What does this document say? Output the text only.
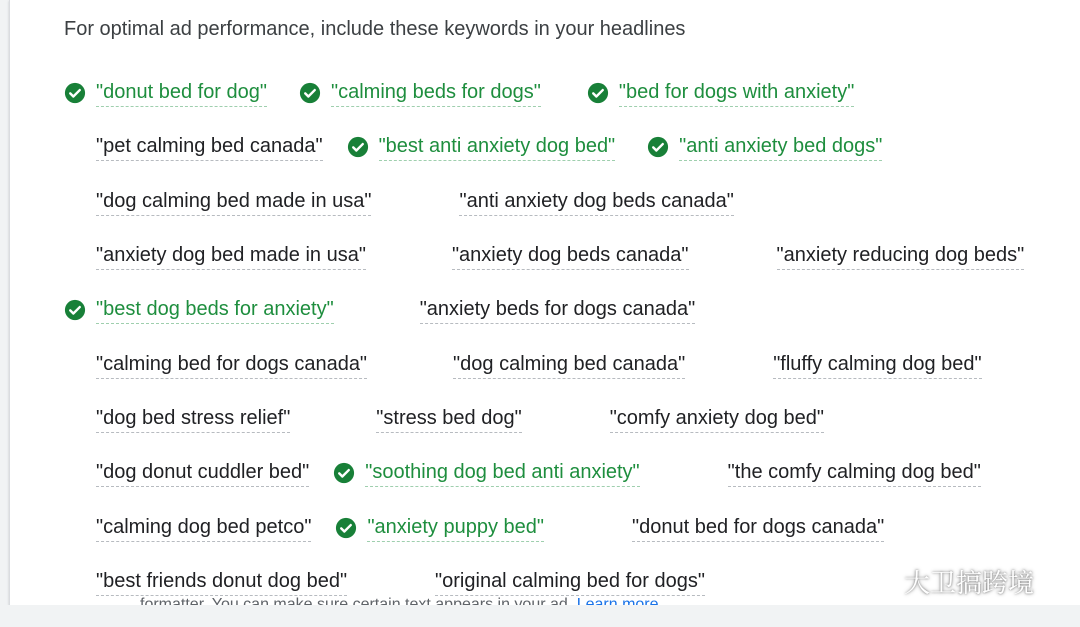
For optimal ad performance, include these keywords in your headlines
"donut bed for dog"	"calming beds for dogs"	"bed for dogs with anxiety"
"pet calming bed canada"	"best anti anxiety dog bed"	"anti anxiety bed dogs"
"dog calming bed made in usa"	"anti anxiety dog beds canada"
"anxiety dog bed made in usa"	"anxiety dog beds canada"	"anxiety reducing dog beds"
"best dog beds for anxiety"	"anxiety beds for dogs canada"
"calming bed for dogs canada"	"dog calming bed canada"	"fluffy calming dog bed"
"dog bed stress relief"	"stress bed dog"	"comfy anxiety dog bed"
"dog donut cuddler bed"	"soothing dog bed anti anxiety"	"the comfy calming dog bed"
"calming dog bed petco"	"anxiety puppy bed"	"donut bed for dogs canada"
"best friends donut dog bed"	"original calming bed for dogs"	大卫搞跨境
